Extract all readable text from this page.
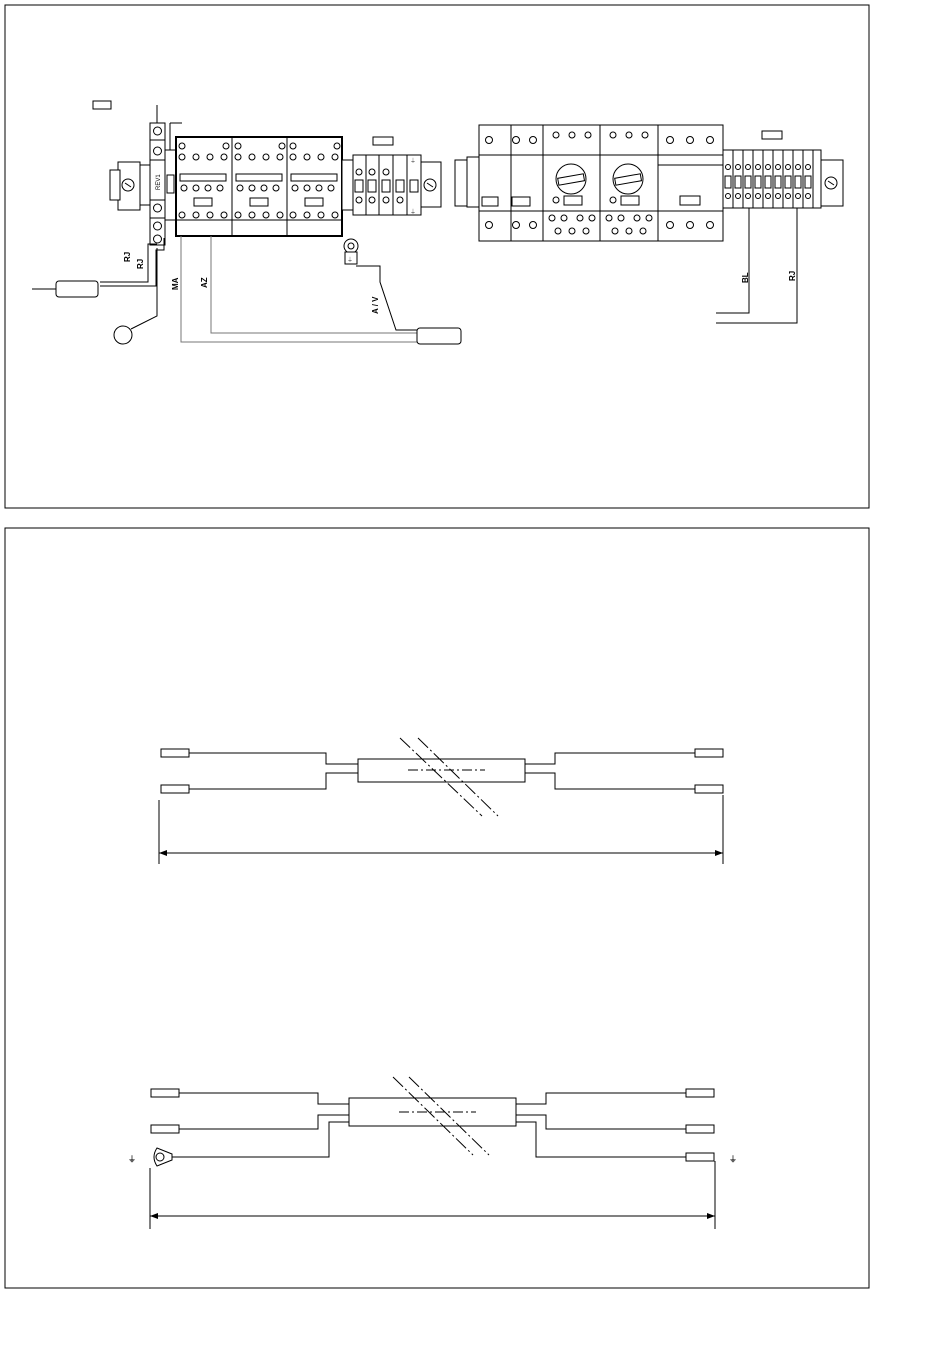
REV1
⏚
⏚
⏚
RJ
RJ
MA	AZ
A / V
BL	RJ
⏚	⏚
